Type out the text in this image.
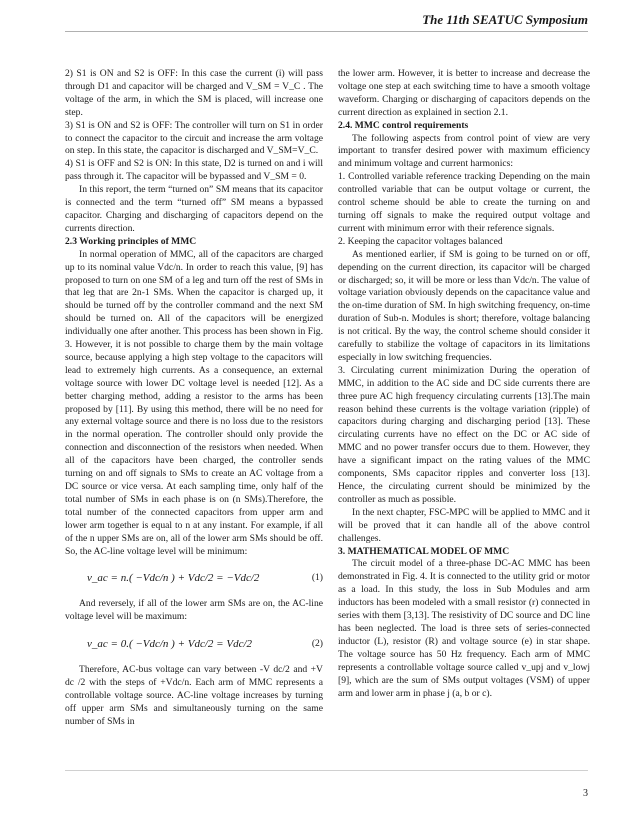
The 11th SEATUC Symposium

2) S1 is ON and S2 is OFF: In this case the current (i) will pass through D1 and capacitor will be charged and V_SM = V_C . The voltage of the arm, in which the SM is placed, will increase one step.

3) S1 is ON and S2 is OFF: The controller will turn on S1 in order to connect the capacitor to the circuit and increase the arm voltage on step. In this state, the capacitor is discharged and V_SM=V_C.

4) S1 is OFF and S2 is ON: In this state, D2 is turned on and i will pass through it. The capacitor will be bypassed and V_SM = 0.

In this report, the term “turned on” SM means that its capacitor is connected and the term “turned off” SM means a bypassed capacitor. Charging and discharging of capacitors depend on the currents direction.

2.3 Working principles of MMC

In normal operation of MMC, all of the capacitors are charged up to its nominal value Vdc/n. In order to reach this value, [9] has proposed to turn on one SM of a leg and turn off the rest of SMs in that leg that are 2n-1 SMs. When the capacitor is charged up, it should be turned off by the controller command and the next SM should be turned on. All of the capacitors will be energized individually one after another. This process has been shown in Fig. 3. However, it is not possible to charge them by the main voltage source, because applying a high step voltage to the capacitors will lead to extremely high currents. As a consequence, an external voltage source with lower DC voltage level is needed [12]. As a better charging method, adding a resistor to the arms has been proposed by [11]. By using this method, there will be no need for any external voltage source and there is no loss due to the resistors in the normal operation. The controller should only provide the connection and disconnection of the resistors when needed. When all of the capacitors have been charged, the controller sends turning on and off signals to SMs to create an AC voltage from a DC source or vice versa. At each sampling time, only half of the total number of SMs in each phase is on (n SMs).Therefore, the total number of the connected capacitors from upper arm and lower arm together is equal to n at any instant. For example, if all of the n upper SMs are on, all of the lower arm SMs should be off. So, the AC-line voltage level will be minimum:

v_ac = n.( −Vdc/n ) + Vdc/2 = −Vdc/2	(1)

And reversely, if all of the lower arm SMs are on, the AC-line voltage level will be maximum:

v_ac = 0.( −Vdc/n ) + Vdc/2 = Vdc/2	(2)

Therefore, AC-bus voltage can vary between -V dc/2 and +V dc /2 with the steps of +Vdc/n. Each arm of MMC represents a controllable voltage source. AC-line voltage increases by turning off upper arm SMs and simultaneously turning on the same number of SMs in

the lower arm. However, it is better to increase and decrease the voltage one step at each switching time to have a smooth voltage waveform. Charging or discharging of capacitors depends on the current direction as explained in section 2.1.

2.4. MMC control requirements

The following aspects from control point of view are very important to transfer desired power with maximum efficiency and minimum voltage and current harmonics:

1. Controlled variable reference tracking Depending on the main controlled variable that can be output voltage or current, the control scheme should be able to create the turning on and turning off signals to make the required output voltage and current with minimum error with their reference signals.

2. Keeping the capacitor voltages balanced

As mentioned earlier, if SM is going to be turned on or off, depending on the current direction, its capacitor will be charged or discharged; so, it will be more or less than Vdc/n. The value of voltage variation obviously depends on the capacitance value and the on-time duration of SM. In high switching frequency, on-time duration of Sub-n. Modules is short; therefore, voltage balancing is not critical. By the way, the control scheme should consider it carefully to stabilize the voltage of capacitors in its limitations especially in low switching frequencies.

3. Circulating current minimization During the operation of MMC, in addition to the AC side and DC side currents there are three pure AC high frequency circulating currents [13].The main reason behind these currents is the voltage variation (ripple) of capacitors during charging and discharging period [13]. These circulating currents have no effect on the DC or AC side of MMC and no power transfer occurs due to them. However, they have a significant impact on the rating values of the MMC components, SMs capacitor ripples and converter loss [13]. Hence, the circulating current should be minimized by the controller as much as possible.

In the next chapter, FSC-MPC will be applied to MMC and it will be proved that it can handle all of the above control challenges.

3. MATHEMATICAL MODEL OF MMC

The circuit model of a three-phase DC-AC MMC has been demonstrated in Fig. 4. It is connected to the utility grid or motor as a load. In this study, the loss in Sub Modules and arm inductors has been modeled with a small resistor (r) connected in series with them [3,13]. The resistivity of DC source and DC line has been neglected. The load is three sets of series-connected inductor (L), resistor (R) and voltage source (e) in star shape. The voltage source has 50 Hz frequency. Each arm of MMC represents a controllable voltage source called v_upj and v_lowj [9], which are the sum of SMs output voltages (VSM) of upper arm and lower arm in phase j (a, b or c).

3
